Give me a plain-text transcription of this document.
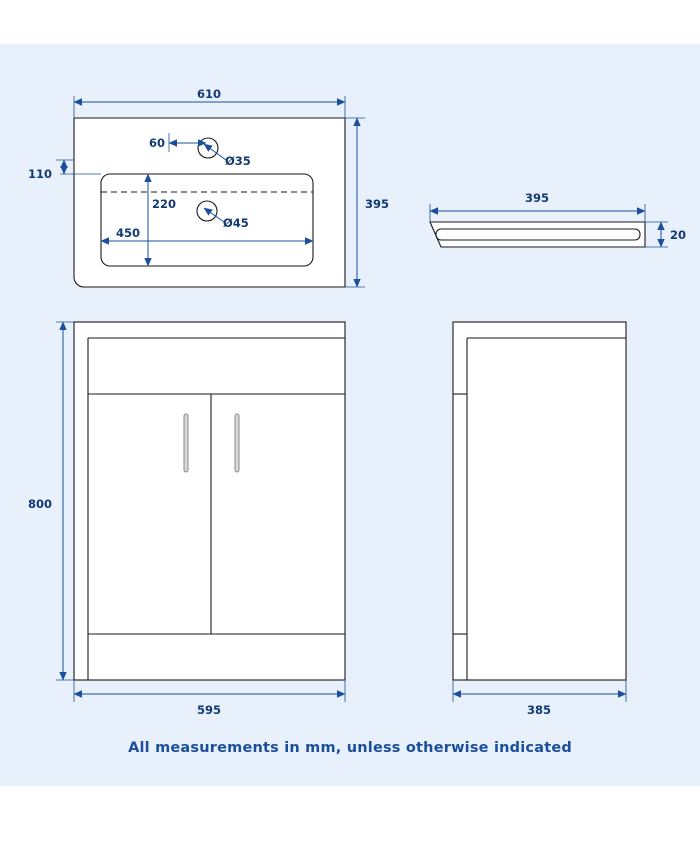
610
395
110
60
Ø35
Ø45
220
450
395
20
800
595	385
All measurements in mm, unless otherwise indicated
